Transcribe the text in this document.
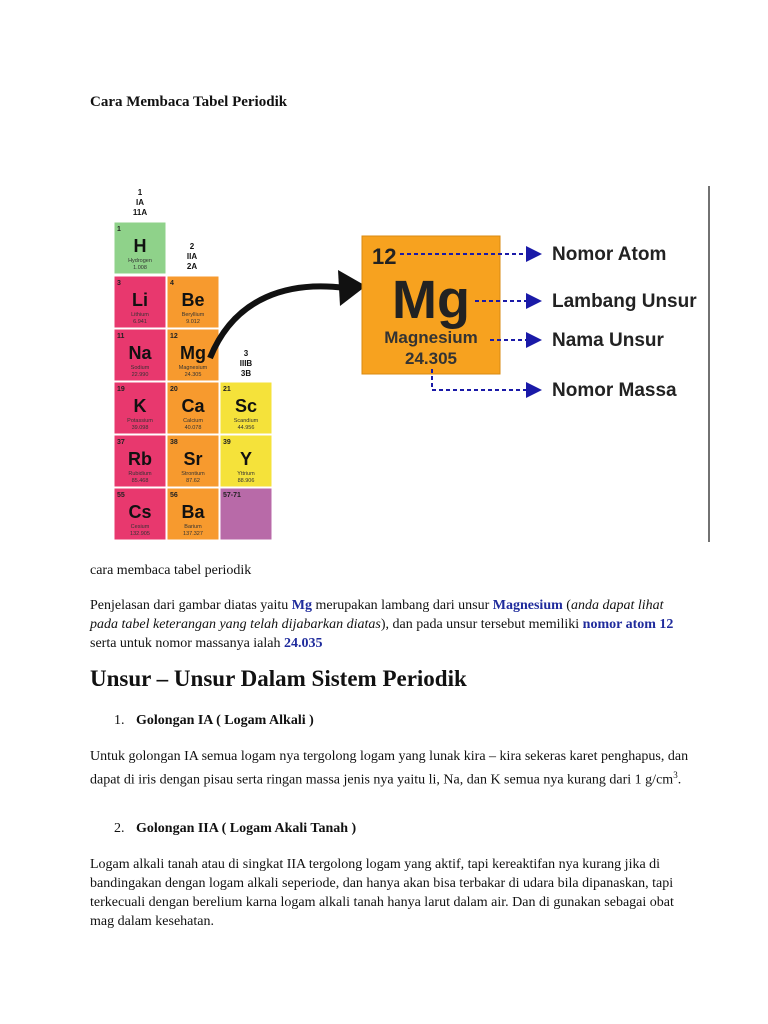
Cara Membaca Tabel Periodik
1
IA
11A
2
IIA
2A
3
IIIB
3B
1
H
Hydrogen
1.008
3
Li
Lithium
6.941
4
Be
Beryllium
9.012
11
Na
Sodium
22.990
12
Mg
Magnesium
24.305
19
K
Potassium
39.098
20
Ca
Calcium
40.078
21
Sc
Scandium
44.956
37
Rb
Rubidium
85.468
38
Sr
Strontium
87.62
39
Y
Yttrium
88.906
55
Cs
Cesium
132.905
56
Ba
Barium
137.327
57-71
12
Mg
Magnesium
24.305
Nomor Atom
Lambang Unsur
Nama Unsur
Nomor Massa
cara membaca tabel periodik

Penjelasan dari gambar diatas yaitu Mg merupakan lambang dari unsur Magnesium (anda dapat lihat pada tabel keterangan yang telah dijabarkan diatas), dan pada unsur tersebut memiliki nomor atom 12 serta untuk nomor massanya ialah 24.035

Unsur – Unsur Dalam Sistem Periodik
1. Golongan IA ( Logam Alkali )

Untuk golongan IA semua logam nya tergolong logam yang lunak kira – kira sekeras karet penghapus, dan dapat di iris dengan pisau serta ringan massa jenis nya yaitu li, Na, dan K semua nya kurang dari 1 $g/cm^3$.

2. Golongan IIA ( Logam Akali Tanah )

Logam alkali tanah atau di singkat IIA tergolong logam yang aktif, tapi kereaktifan nya kurang jika di bandingakan dengan logam alkali seperiode, dan hanya akan bisa terbakar di udara bila dipanaskan, tapi terkecuali dengan berelium karna logam alkali tanah hanya larut dalam air. Dan di gunakan sebagai obat mag dalam kesehatan.
